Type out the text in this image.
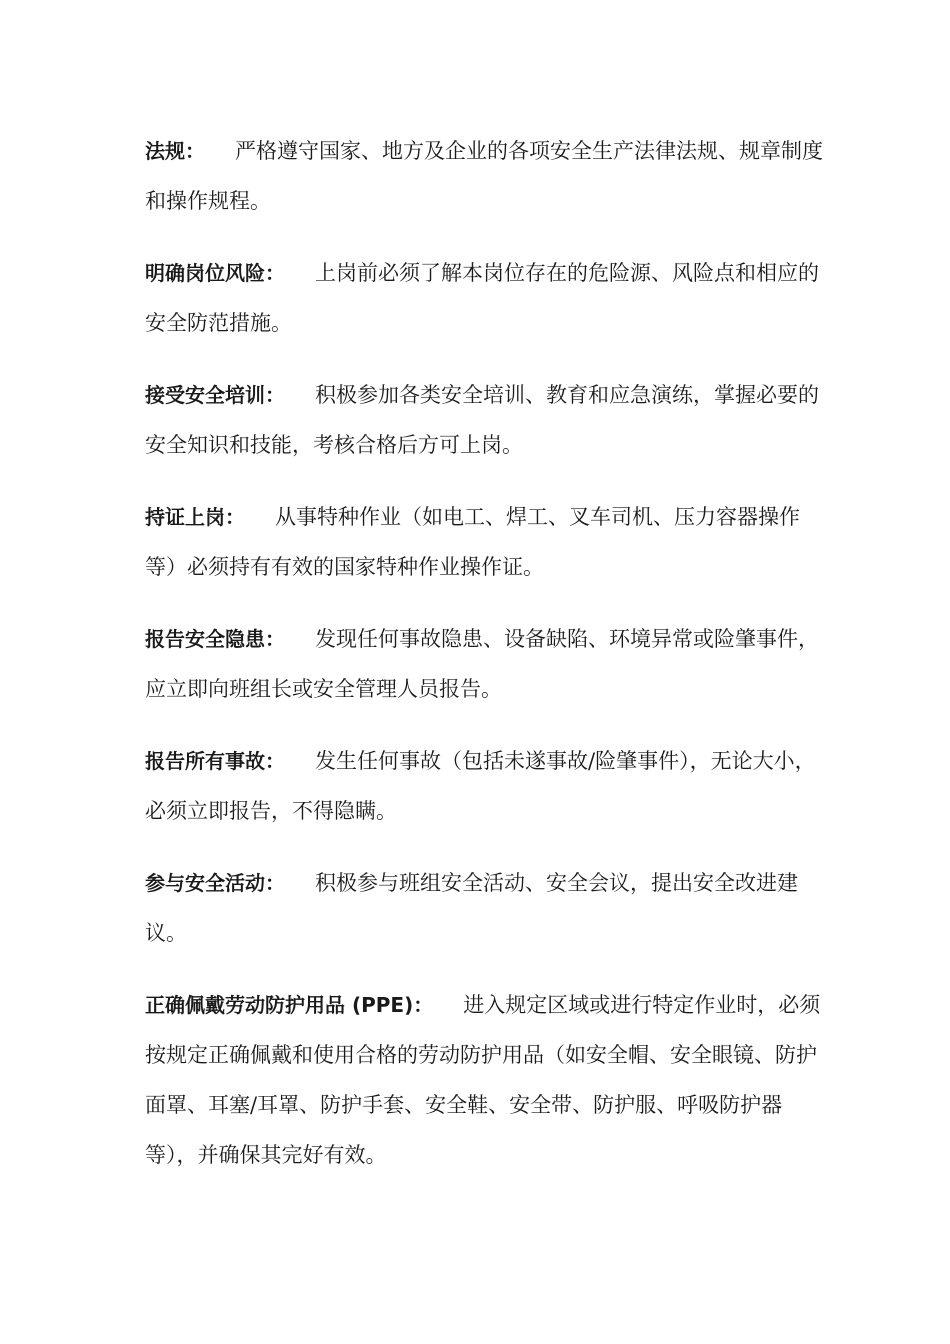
法规： 严格遵守国家、地方及企业的各项安全生产法律法规、规章制度和操作规程。

明确岗位风险： 上岗前必须了解本岗位存在的危险源、风险点和相应的安全防范措施。

接受安全培训： 积极参加各类安全培训、教育和应急演练，掌握必要的安全知识和技能，考核合格后方可上岗。

持证上岗： 从事特种作业（如电工、焊工、叉车司机、压力容器操作等）必须持有有效的国家特种作业操作证。

报告安全隐患： 发现任何事故隐患、设备缺陷、环境异常或险肇事件，应立即向班组长或安全管理人员报告。

报告所有事故： 发生任何事故（包括未遂事故/险肇事件），无论大小，必须立即报告，不得隐瞒。

参与安全活动： 积极参与班组安全活动、安全会议，提出安全改进建议。

正确佩戴劳动防护用品 (PPE)： 进入规定区域或进行特定作业时，必须按规定正确佩戴和使用合格的劳动防护用品（如安全帽、安全眼镜、防护面罩、耳塞/耳罩、防护手套、安全鞋、安全带、防护服、呼吸防护器等），并确保其完好有效。
